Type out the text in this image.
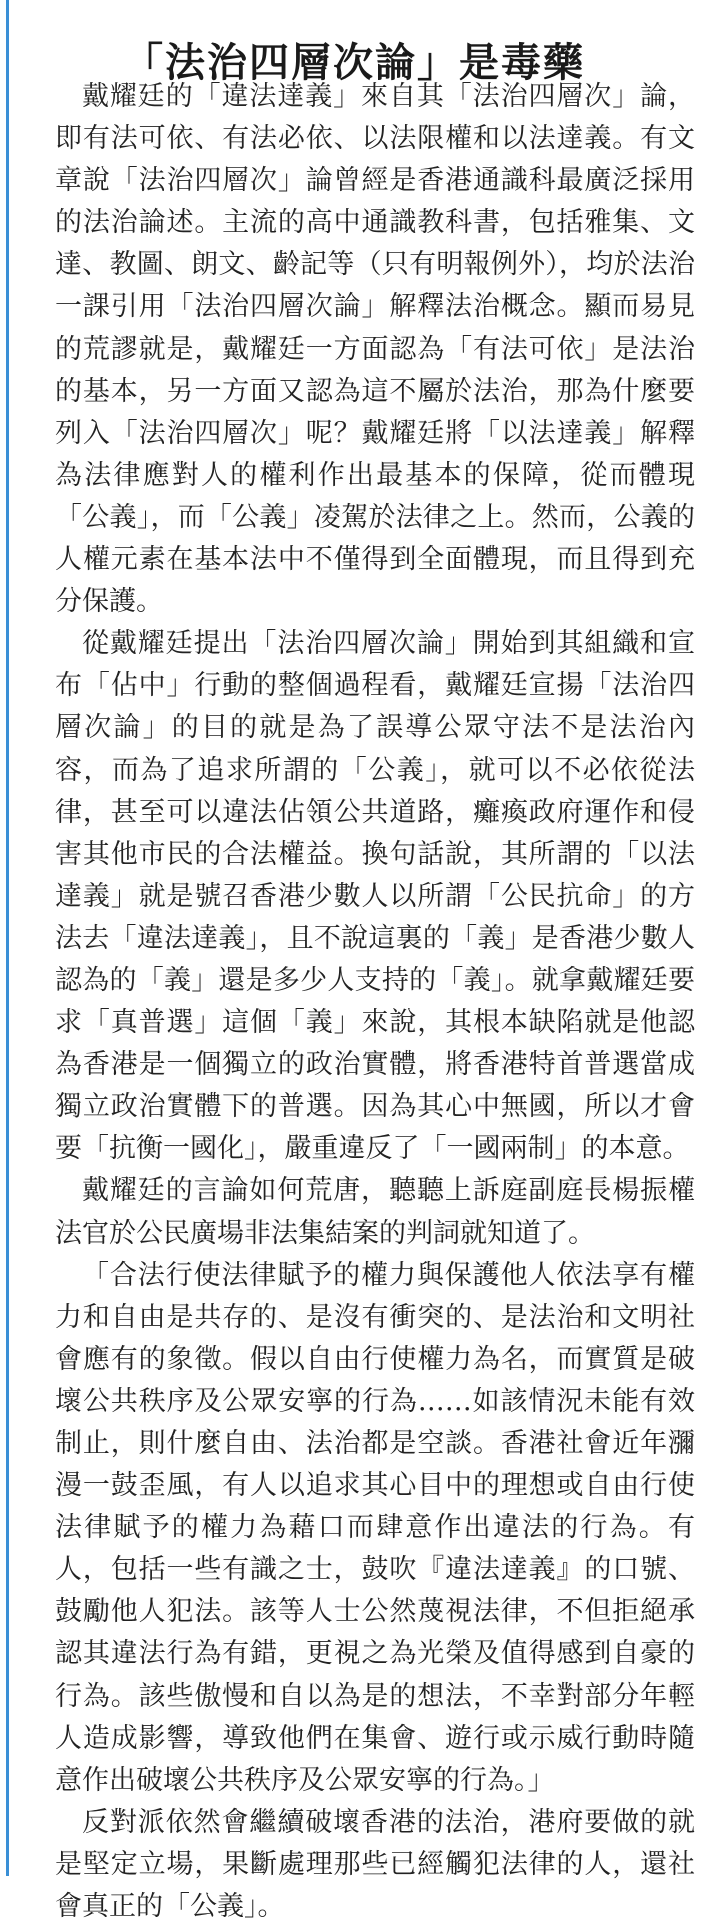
「法治四層次論」是毒藥

戴耀廷的「違法達義」來自其「法治四層次」論，即有法可依、有法必依、以法限權和以法達義。有文章說「法治四層次」論曾經是香港通識科最廣泛採用的法治論述。主流的高中通識教科書，包括雅集、文達、教圖、朗文、齡記等（只有明報例外），均於法治一課引用「法治四層次論」解釋法治概念。顯而易見的荒謬就是，戴耀廷一方面認為「有法可依」是法治的基本，另一方面又認為這不屬於法治，那為什麼要列入「法治四層次」呢？戴耀廷將「以法達義」解釋為法律應對人的權利作出最基本的保障，從而體現「公義」，而「公義」凌駕於法律之上。然而，公義的人權元素在基本法中不僅得到全面體現，而且得到充分保護。

從戴耀廷提出「法治四層次論」開始到其組織和宣布「佔中」行動的整個過程看，戴耀廷宣揚「法治四層次論」的目的就是為了誤導公眾守法不是法治內容，而為了追求所謂的「公義」，就可以不必依從法律，甚至可以違法佔領公共道路，癱瘓政府運作和侵害其他市民的合法權益。換句話說，其所謂的「以法達義」就是號召香港少數人以所謂「公民抗命」的方法去「違法達義」，且不說這裏的「義」是香港少數人認為的「義」還是多少人支持的「義」。就拿戴耀廷要求「真普選」這個「義」來說，其根本缺陷就是他認為香港是一個獨立的政治實體，將香港特首普選當成獨立政治實體下的普選。因為其心中無國，所以才會要「抗衡一國化」，嚴重違反了「一國兩制」的本意。

戴耀廷的言論如何荒唐，聽聽上訴庭副庭長楊振權法官於公民廣場非法集結案的判詞就知道了。

「合法行使法律賦予的權力與保護他人依法享有權力和自由是共存的、是沒有衝突的、是法治和文明社會應有的象徵。假以自由行使權力為名，而實質是破壞公共秩序及公眾安寧的行為……如該情況未能有效制止，則什麼自由、法治都是空談。香港社會近年瀰漫一鼓歪風，有人以追求其心目中的理想或自由行使法律賦予的權力為藉口而肆意作出違法的行為。有人，包括一些有識之士，鼓吹『違法達義』的口號、鼓勵他人犯法。該等人士公然蔑視法律，不但拒絕承認其違法行為有錯，更視之為光榮及值得感到自豪的行為。該些傲慢和自以為是的想法，不幸對部分年輕人造成影響，導致他們在集會、遊行或示威行動時隨意作出破壞公共秩序及公眾安寧的行為。」

反對派依然會繼續破壞香港的法治，港府要做的就是堅定立場，果斷處理那些已經觸犯法律的人，還社會真正的「公義」。
